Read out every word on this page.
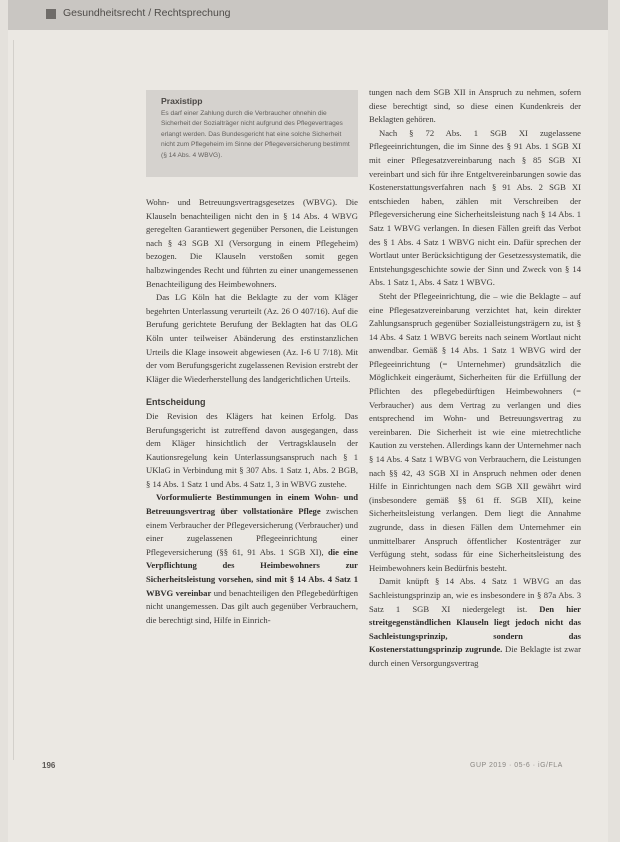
Gesundheitsrecht / Rechtsprechung
Praxistipp
Es darf einer Zahlung durch die Verbraucher ohnehin die Sicherheit der Sozialträger nicht aufgrund des Pflegevertrages erlangt werden. Das Bundesgericht hat eine solche Sicherheit nicht zum Pflegeheim im Sinne der Pflegeversicherung bestimmt (§ 14 Abs. 4 WBVG).

Wohn- und Betreuungsvertragsgesetzes (WBVG). Die Klauseln benachteiligen nicht den in § 14 Abs. 4 WBVG geregelten Garantiewert gegenüber Personen, die Leistungen nach § 43 SGB XI (Versorgung in einem Pflegeheim) bezogen. Die Klauseln verstoßen somit gegen halbzwingendes Recht und führten zu einer unangemessenen Benachteiligung des Heimbewohners.

Das LG Köln hat die Beklagte zu der vom Kläger begehrten Unterlassung verurteilt (Az. 26 O 407/16). Auf die Berufung gerichtete Berufung der Beklagten hat das OLG Köln unter teilweiser Abänderung des erstinstanzlichen Urteils die Klage insoweit abgewiesen (Az. I-6 U 7/18). Mit der vom Berufungsgericht zugelassenen Revision erstrebt der Kläger die Wiederherstellung des landgerichtlichen Urteils.

Entscheidung

Die Revision des Klägers hat keinen Erfolg. Das Berufungsgericht ist zutreffend davon ausgegangen, dass dem Kläger hinsichtlich der Vertragsklauseln der Kautionsregelung kein Unterlassungsanspruch nach § 1 UKlaG in Verbindung mit § 307 Abs. 1 Satz 1, Abs. 2 BGB, § 14 Abs. 1 Satz 1 und Abs. 4 Satz 1, 3 in WBVG zustehe.

Vorformulierte Bestimmungen in einem Wohn- und Betreuungsvertrag über vollstationäre Pflege zwischen einem Verbraucher der Pflegeversicherung (Verbraucher) und einer zugelassenen Pflegeeinrichtung einer Pflegeversicherung (§§ 61, 91 Abs. 1 SGB XI), die eine Verpflichtung des Heimbewohners zur Sicherheitsleistung vorsehen, sind mit § 14 Abs. 4 Satz 1 WBVG vereinbar und benachteiligen den Pflegebedürftigen nicht unangemessen. Das gilt auch gegenüber Verbrauchern, die berechtigt sind, Hilfe in Einrich-

tungen nach dem SGB XII in Anspruch zu nehmen, sofern diese berechtigt sind, so diese einen Kundenkreis der Beklagten gehören.

Nach § 72 Abs. 1 SGB XI zugelassene Pflegeeinrichtungen, die im Sinne des § 91 Abs. 1 SGB XI mit einer Pflegesatzvereinbarung nach § 85 SGB XI vereinbart und sich für ihre Entgeltvereinbarungen sowie das Kostenerstattungsverfahren nach § 91 Abs. 2 SGB XI entschieden haben, zählen mit Verschreiben der Pflegeversicherung eine Sicherheitsleistung nach § 14 Abs. 1 Satz 1 WBVG verlangen. In diesen Fällen greift das Verbot des § 1 Abs. 4 Satz 1 WBVG nicht ein. Dafür sprechen der Wortlaut unter Berücksichtigung der Gesetzessystematik, die Entstehungsgeschichte sowie der Sinn und Zweck von § 14 Abs. 1 Satz 1, Abs. 4 Satz 1 WBVG.

Steht der Pflegeeinrichtung, die – wie die Beklagte – auf eine Pflegesatzvereinbarung verzichtet hat, kein direkter Zahlungsanspruch gegenüber Sozialleistungsträgern zu, ist § 14 Abs. 4 Satz 1 WBVG bereits nach seinem Wortlaut nicht anwendbar. Gemäß § 14 Abs. 1 Satz 1 WBVG wird der Pflegeeinrichtung (= Unternehmer) grundsätzlich die Möglichkeit eingeräumt, Sicherheiten für die Erfüllung der Pflichten des pflegebedürftigen Heimbewohners (= Verbraucher) aus dem Vertrag zu verlangen und dies entsprechend im Wohn- und Betreuungsvertrag zu vereinbaren. Die Sicherheit ist wie eine mietrechtliche Kaution zu verstehen. Allerdings kann der Unternehmer nach § 14 Abs. 4 Satz 1 WBVG von Verbrauchern, die Leistungen nach §§ 42, 43 SGB XI in Anspruch nehmen oder denen Hilfe in Einrichtungen nach dem SGB XII gewährt wird (insbesondere gemäß §§ 61 ff. SGB XII), keine Sicherheitsleistung verlangen. Dem liegt die Annahme zugrunde, dass in diesen Fällen dem Unternehmer ein unmittelbarer Anspruch öffentlicher Kostenträger zur Verfügung steht, sodass für eine Sicherheitsleistung des Heimbewohners kein Bedürfnis besteht.

Damit knüpft § 14 Abs. 4 Satz 1 WBVG an das Sachleistungsprinzip an, wie es insbesondere in § 87a Abs. 3 Satz 1 SGB XI niedergelegt ist. Den hier streitgegenständlichen Klauseln liegt jedoch nicht das Sachleistungsprinzip, sondern das Kostenerstattungsprinzip zugrunde. Die Beklagte ist zwar durch einen Versorgungsvertrag

196	GUP 2019 · 05-6 · iG/FLA
